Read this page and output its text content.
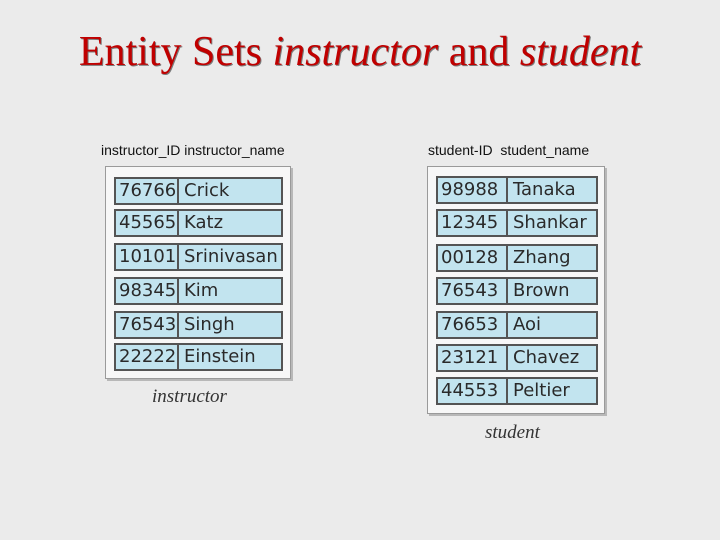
Entity Sets instructor and student
instructor_ID instructor_name
76766 Crick
45565 Katz
10101 Srinivasan
98345 Kim
76543 Singh
22222 Einstein
instructor
student-ID student_name
98988 Tanaka
12345 Shankar
00128 Zhang
76543 Brown
76653 Aoi
23121 Chavez
44553 Peltier
student
